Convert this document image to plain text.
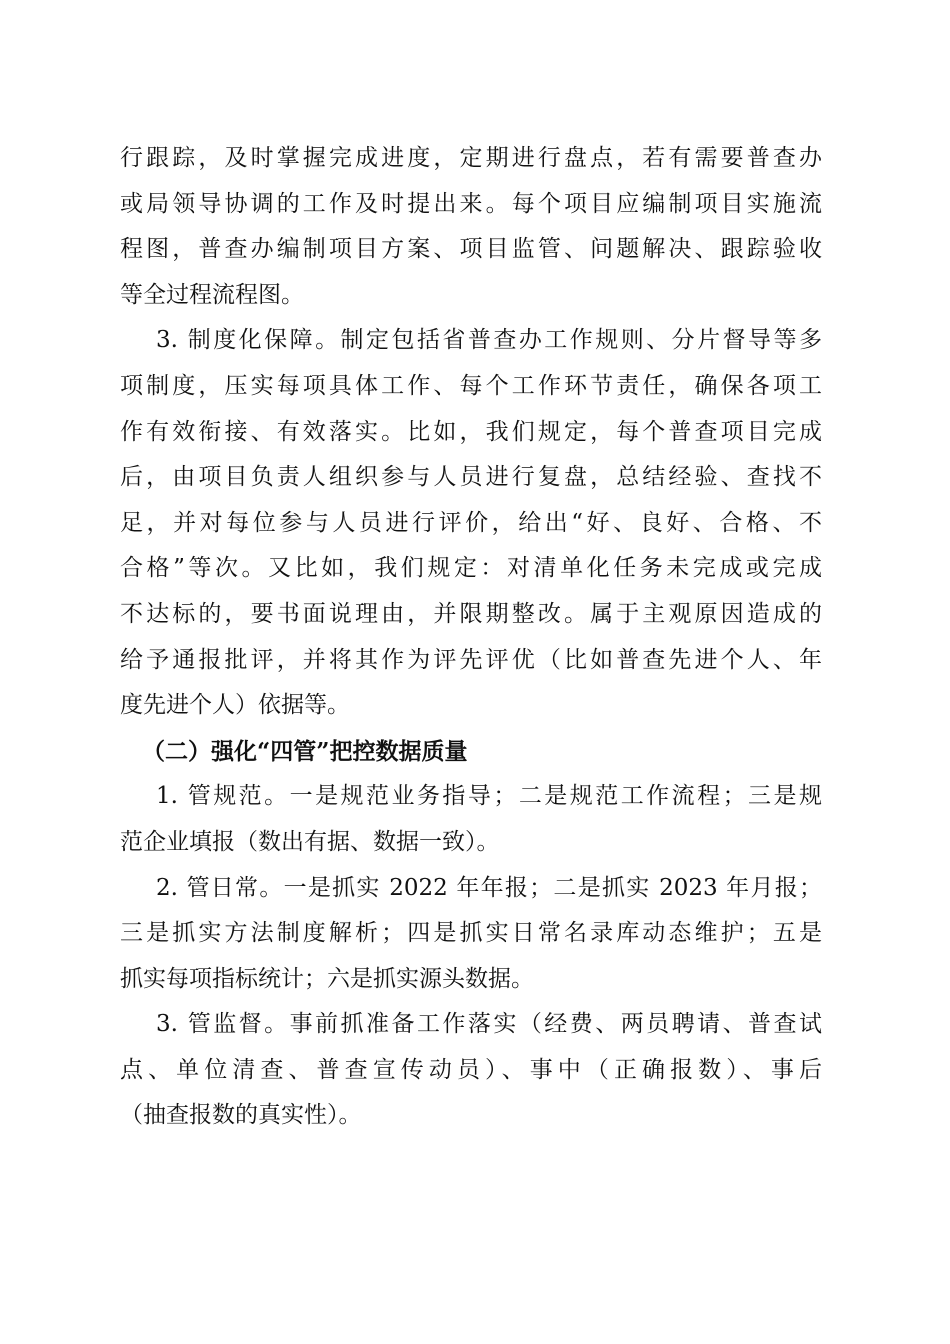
行跟踪，及时掌握完成进度，定期进行盘点，若有需要普查办
或局领导协调的工作及时提出来。每个项目应编制项目实施流
程图，普查办编制项目方案、项目监管、问题解决、跟踪验收
等全过程流程图。
3. 制度化保障。制定包括省普查办工作规则、分片督导等多
项制度，压实每项具体工作、每个工作环节责任，确保各项工
作有效衔接、有效落实。比如，我们规定，每个普查项目完成
后，由项目负责人组织参与人员进行复盘，总结经验、查找不
足，并对每位参与人员进行评价，给出“好、良好、合格、不
合格”等次。又比如，我们规定：对清单化任务未完成或完成
不达标的，要书面说理由，并限期整改。属于主观原因造成的
给予通报批评，并将其作为评先评优（比如普查先进个人、年
度先进个人）依据等。
（二）强化“四管”把控数据质量
1. 管规范。一是规范业务指导；二是规范工作流程；三是规
范企业填报（数出有据、数据一致）。
2. 管日常。一是抓实 2022 年年报；二是抓实 2023 年月报；
三是抓实方法制度解析；四是抓实日常名录库动态维护；五是
抓实每项指标统计；六是抓实源头数据。
3. 管监督。事前抓准备工作落实（经费、两员聘请、普查试
点、单位清查、普查宣传动员）、事中（正确报数）、事后
（抽查报数的真实性）。
